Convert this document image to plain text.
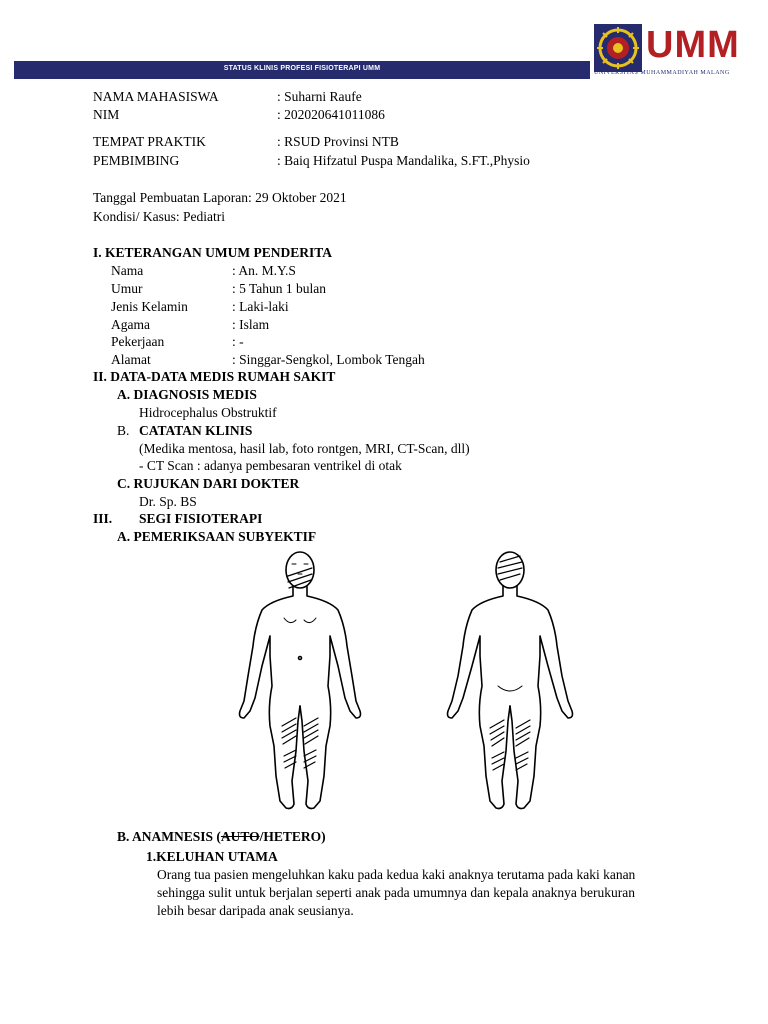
STATUS KLINIS PROFESI FISIOTERAPI UMM
UMM
UNIVERSITAS MUHAMMADIYAH MALANG
NAMA MAHASISWA	: Suharni Raufe
NIM	: 202020641011086
TEMPAT PRAKTIK	: RSUD Provinsi NTB
PEMBIMBING	: Baiq Hifzatul Puspa Mandalika, S.FT.,Physio
Tanggal Pembuatan Laporan: 29 Oktober 2021
Kondisi/ Kasus: Pediatri
I. KETERANGAN UMUM PENDERITA
Nama	: An. M.Y.S
Umur	: 5 Tahun 1 bulan
Jenis Kelamin	: Laki-laki
Agama	: Islam
Pekerjaan	: -
Alamat	: Singgar-Sengkol, Lombok Tengah
II. DATA-DATA MEDIS RUMAH SAKIT
A. DIAGNOSIS MEDIS
Hidrocephalus Obstruktif
B. CATATAN KLINIS
(Medika mentosa, hasil lab, foto rontgen, MRI, CT-Scan, dll)
- CT Scan : adanya pembesaran ventrikel di otak
C. RUJUKAN DARI DOKTER
Dr. Sp. BS
III. SEGI FISIOTERAPI
A. PEMERIKSAAN SUBYEKTIF
B. ANAMNESIS (AUTO/HETERO)
1.KELUHAN UTAMA
Orang tua pasien mengeluhkan kaku pada kedua kaki anaknya terutama pada kaki kanan
sehingga sulit untuk berjalan seperti anak pada umumnya dan kepala anaknya berukuran
lebih besar daripada anak seusianya.
